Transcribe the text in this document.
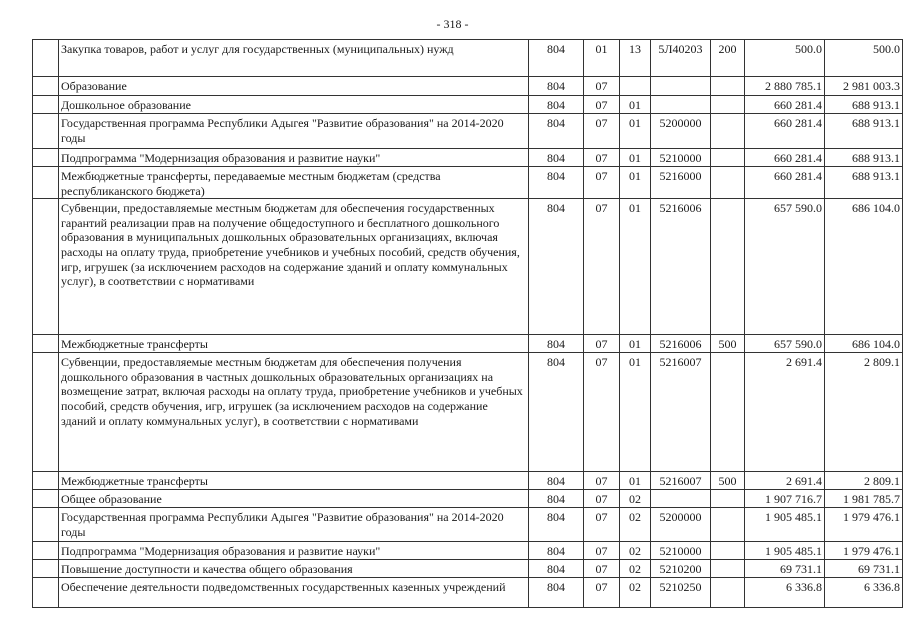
- 318 -
	Закупка товаров, работ и услуг для государственных (муниципальных) нужд	804	01	13	5Л40203	200	500.0	500.0
	Образование	804	07				2 880 785.1	2 981 003.3
	Дошкольное образование	804	07	01			660 281.4	688 913.1
	Государственная программа Республики Адыгея "Развитие образования" на 2014-2020 годы	804	07	01	5200000		660 281.4	688 913.1
	Подпрограмма "Модернизация образования и развитие науки"	804	07	01	5210000		660 281.4	688 913.1
	Межбюджетные трансферты, передаваемые местным бюджетам (средства республиканского бюджета)	804	07	01	5216000		660 281.4	688 913.1
	Субвенции, предоставляемые местным бюджетам для обеспечения государственных гарантий реализации прав на получение общедоступного и бесплатного дошкольного образования в муниципальных дошкольных образовательных организациях, включая расходы на оплату труда, приобретение учебников и учебных пособий, средств обучения, игр, игрушек (за исключением расходов на содержание зданий и оплату коммунальных услуг), в соответствии с нормативами	804	07	01	5216006		657 590.0	686 104.0
	Межбюджетные трансферты	804	07	01	5216006	500	657 590.0	686 104.0
	Субвенции, предоставляемые местным бюджетам для обеспечения получения дошкольного образования в частных дошкольных образовательных организациях на возмещение затрат, включая расходы на оплату труда, приобретение учебников и учебных пособий, средств обучения, игр, игрушек (за исключением расходов на содержание зданий и оплату коммунальных услуг), в соответствии с нормативами	804	07	01	5216007		2 691.4	2 809.1
	Межбюджетные трансферты	804	07	01	5216007	500	2 691.4	2 809.1
	Общее образование	804	07	02			1 907 716.7	1 981 785.7
	Государственная программа Республики Адыгея "Развитие образования" на 2014-2020 годы	804	07	02	5200000		1 905 485.1	1 979 476.1
	Подпрограмма "Модернизация образования и развитие науки"	804	07	02	5210000		1 905 485.1	1 979 476.1
	Повышение доступности и качества общего образования	804	07	02	5210200		69 731.1	69 731.1
	Обеспечение деятельности подведомственных государственных казенных учреждений	804	07	02	5210250		6 336.8	6 336.8
